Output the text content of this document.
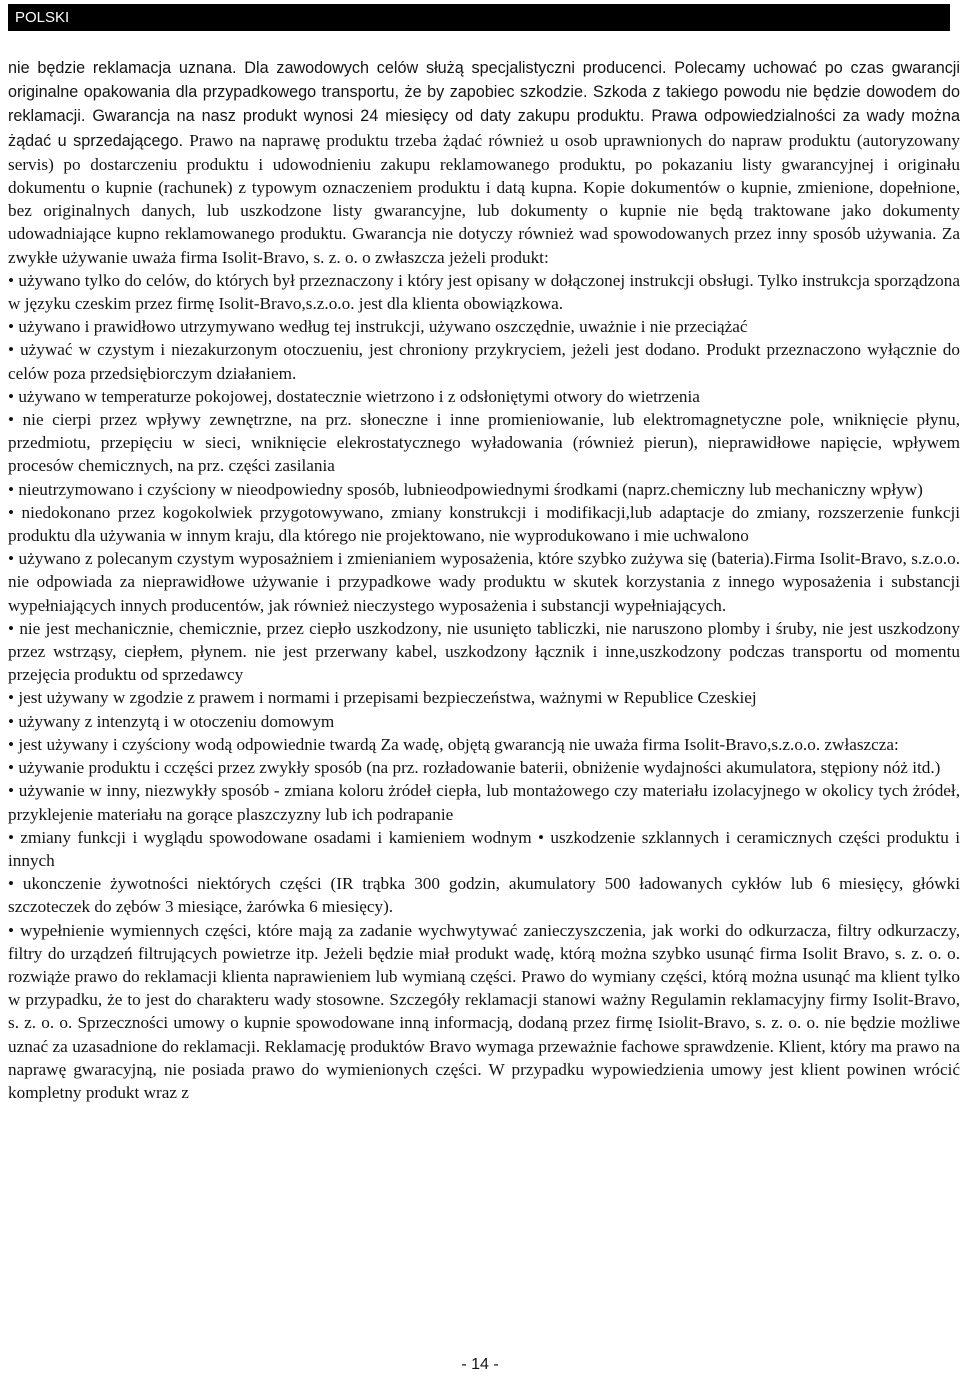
POLSKI
nie będzie reklamacja uznana. Dla zawodowych celów służą specjalistyczni producenci. Polecamy uchować po czas gwarancji originalne opakowania dla przypadkowego transportu, że by zapobiec szkodzie. Szkoda z takiego powodu nie będzie dowodem do reklamacji. Gwarancja na nasz produkt wynosi 24 miesięcy od daty zakupu produktu. Prawa odpowiedzialności za wady można żądać u sprzedającego. Prawo na naprawę produktu trzeba żądać również u osob uprawnionych do napraw produktu (autoryzowany servis) po dostarczeniu produktu i udowodnieniu zakupu reklamowanego produktu, po pokazaniu listy gwarancyjnej i originału dokumentu o kupnie (rachunek) z typowym oznaczeniem produktu i datą kupna. Kopie dokumentów o kupnie, zmienione, dopełnione, bez originalnych danych, lub uszkodzone listy gwarancyjne, lub dokumenty o kupnie nie będą traktowane jako dokumenty udowadniające kupno reklamowanego produktu. Gwarancja nie dotyczy również wad spowodowanych przez inny sposób używania. Za zwykłe używanie uważa firma Isolit-Bravo, s. z. o. o zwłaszcza jeżeli produkt:
• używano tylko do celów, do których był przeznaczony i który jest opisany w dołączonej instrukcji obsługi. Tylko instrukcja sporządzona w języku czeskim przez firmę Isolit-Bravo,s.z.o.o. jest dla klienta obowiązkowa.
• używano i prawidłowo utrzymywano według tej instrukcji, używano oszczędnie, uważnie i nie przeciążać
• używać w czystym i niezakurzonym otoczueniu, jest chroniony przykryciem, jeżeli jest dodano. Produkt przeznaczono wyłącznie do celów poza przedsiębiorczym działaniem.
• używano w temperaturze pokojowej, dostatecznie wietrzono i z odsłoniętymi otwory do wietrzenia
• nie cierpi przez wpływy zewnętrzne, na prz. słoneczne i inne promieniowanie, lub elektromagnetyczne pole, wniknięcie płynu, przedmiotu, przepięciu w sieci, wniknięcie elekrostatycznego wyładowania (również pierun), nieprawidłowe napięcie, wpływem procesów chemicznych, na prz. części zasilania
• nieutrzymowano i czyściony w nieodpowiedny sposób, lubnieodpowiednymi środkami (naprz.chemiczny lub mechaniczny wpływ)
• niedokonano przez kogokolwiek przygotowywano, zmiany konstrukcji i modifikacji,lub adaptacje do zmiany, rozszerzenie funkcji produktu dla używania w innym kraju, dla którego nie projektowano, nie wyprodukowano i mie uchwalono
• używano z polecanym czystym wyposażniem i zmienianiem wyposażenia, które szybko zużywa się (bateria).Firma Isolit-Bravo, s.z.o.o. nie odpowiada za nieprawidłowe używanie i przypadkowe wady produktu w skutek korzystania z innego wyposażenia i substancji wypełniających innych producentów, jak również nieczystego wyposażenia i substancji wypełniających.
• nie jest mechanicznie, chemicznie, przez ciepło uszkodzony, nie usunięto tabliczki, nie naruszono plomby i śruby, nie jest uszkodzony przez wstrząsy, ciepłem, płynem. nie jest przerwany kabel, uszkodzony łącznik i inne,uszkodzony podczas transportu od momentu przejęcia produktu od sprzedawcy
• jest używany w zgodzie z prawem i normami i przepisami bezpieczeństwa, ważnymi w Republice Czeskiej
• używany z intenzytą i w otoczeniu domowym
• jest używany i czyściony wodą odpowiednie twardą Za wadę, objętą gwarancją nie uważa firma Isolit-Bravo,s.z.o.o. zwłaszcza:
• używanie produktu i cczęści przez zwykły sposób (na prz. rozładowanie baterii, obniżenie wydajności akumulatora, stępiony nóż itd.)
• używanie w inny, niezwykły sposób - zmiana koloru żródeł ciepła, lub montażowego czy materiału izolacyjnego w okolicy tych żródeł, przyklejenie materiału na gorące plaszczyzny lub ich podrapanie
• zmiany funkcji i wyglądu spowodowane osadami i kamieniem wodnym • uszkodzenie szklannych i ceramicznych części produktu i innych
• ukonczenie żywotności niektórych części (IR trąbka 300 godzin, akumulatory 500 ładowanych cykłów lub 6 miesięcy, główki szczoteczek do zębów 3 miesiące, żarówka 6 miesięcy).
• wypełnienie wymiennych części, które mają za zadanie wychwytywać zanieczyszczenia, jak worki do odkurzacza, filtry odkurzaczy, filtry do urządzeń filtrujących powietrze itp. Jeżeli będzie miał produkt wadę, którą można szybko usunąć firma Isolit Bravo, s. z. o. o. rozwiąże prawo do reklamacji klienta naprawieniem lub wymianą części. Prawo do wymiany części, którą można usunąć ma klient tylko w przypadku, że to jest do charakteru wady stosowne. Szczegóły reklamacji stanowi ważny Regulamin reklamacyjny firmy Isolit-Bravo, s. z. o. o. Sprzeczności umowy o kupnie spowodowane inną informacją, dodaną przez firmę Isiolit-Bravo, s. z. o. o. nie będzie możliwe uznać za uzasadnione do reklamacji. Reklamację produktów Bravo wymaga przeważnie fachowe sprawdzenie. Klient, który ma prawo na naprawę gwaracyjną, nie posiada prawo do wymienionych części. W przypadku wypowiedzienia umowy jest klient powinen wrócić kompletny produkt wraz z
- 14 -
